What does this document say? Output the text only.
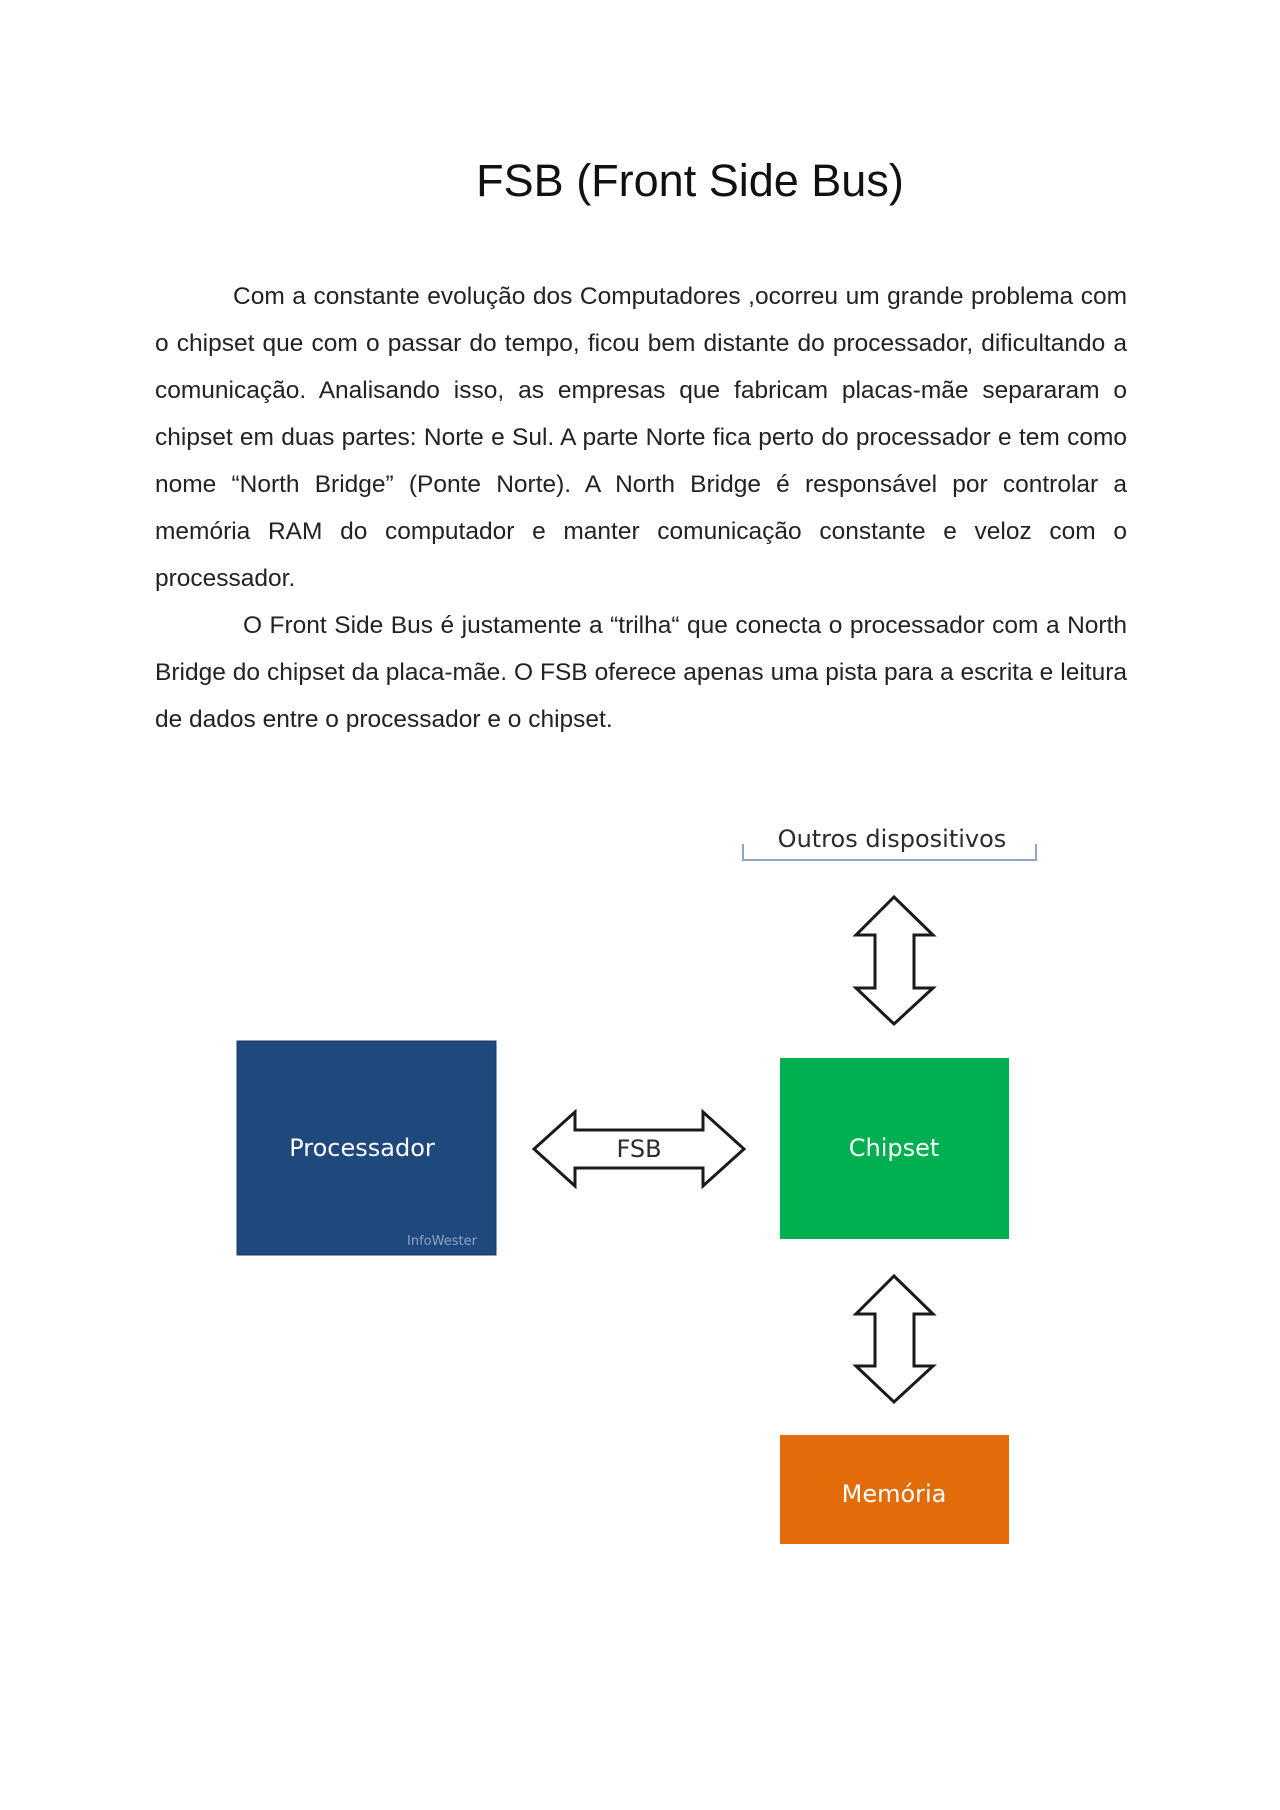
FSB (Front Side Bus)

Com a constante evolução dos Computadores ,ocorreu um grande problema com o chipset que com o passar do tempo, ficou bem distante do processador, dificultando a comunicação. Analisando isso, as empresas que fabricam placas-mãe separaram o chipset em duas partes: Norte e Sul. A parte Norte fica perto do processador e tem como nome “North Bridge” (Ponte Norte). A North Bridge é responsável por controlar a memória RAM do computador e manter comunicação constante e veloz com o processador.

O Front Side Bus é justamente a “trilha“ que conecta o processador com a North Bridge do chipset da placa-mãe. O FSB oferece apenas uma pista para a escrita e leitura de dados entre o processador e o chipset.

Processador
InfoWester
FSB	Chipset
Outros dispositivos
Memória
